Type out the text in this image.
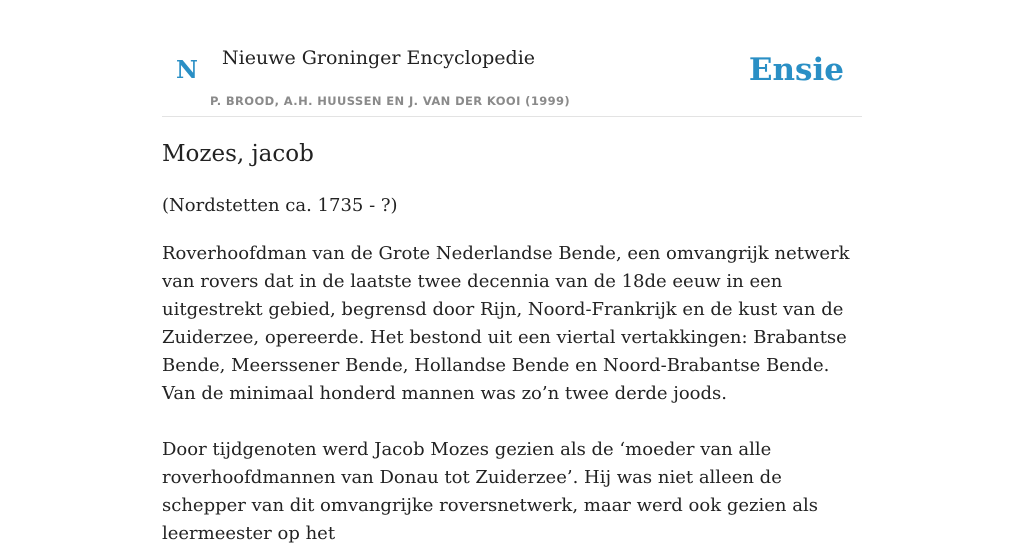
N Nieuwe Groninger Encyclopedie
P. BROOD, A.H. HUUSSEN EN J. VAN DER KOOI (1999)
Ensie
Mozes, jacob

(Nordstetten ca. 1735 - ?)

Roverhoofdman van de Grote Nederlandse Bende, een omvangrijk netwerk van rovers dat in de laatste twee decennia van de 18de eeuw in een uitgestrekt gebied, begrensd door Rijn, Noord-Frankrijk en de kust van de Zuiderzee, opereerde. Het bestond uit een viertal vertakkingen: Brabantse Bende, Meerssener Bende, Hollandse Bende en Noord-Brabantse Bende. Van de minimaal honderd mannen was zo’n twee derde joods.

Door tijdgenoten werd Jacob Mozes gezien als de ‘moeder van alle roverhoofdmannen van Donau tot Zuiderzee’. Hij was niet alleen de schepper van dit omvangrijke roversnetwerk, maar werd ook gezien als leermeester op het
